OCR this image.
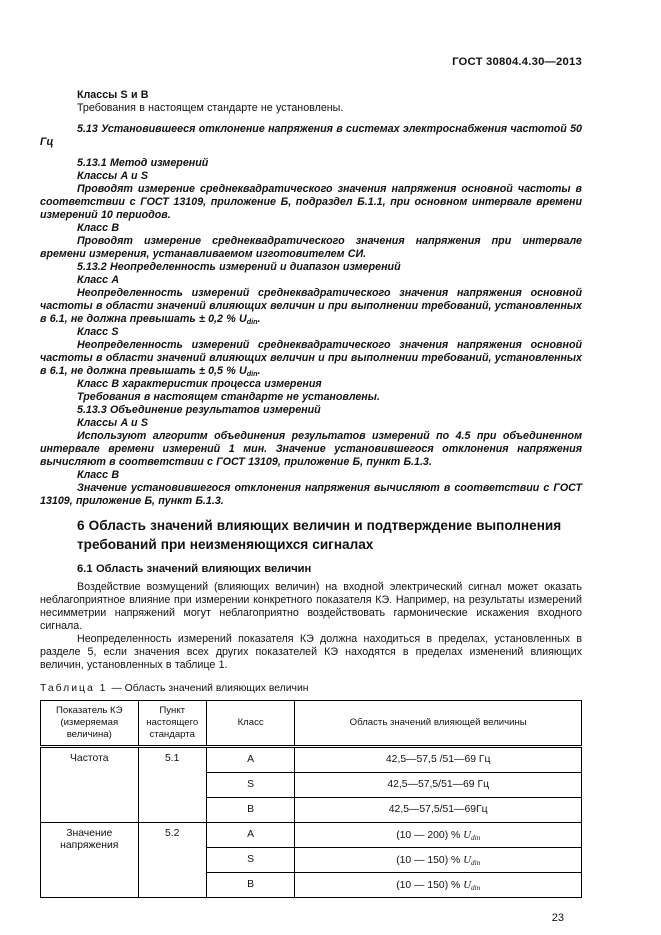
ГОСТ 30804.4.30—2013
Классы S и B
Требования в настоящем стандарте не установлены.
5.13 Установившееся отклонение напряжения в системах электроснабжения частотой 50 Гц
5.13.1 Метод измерений
Классы A и S
Проводят измерение среднеквадратического значения напряжения основной частоты в соответствии с ГОСТ 13109, приложение Б, подраздел Б.1.1, при основном интервале времени измерений 10 периодов.
Класс B
Проводят измерение среднеквадратического значения напряжения при интервале времени измерения, устанавливаемом изготовителем СИ.
5.13.2 Неопределенность измерений и диапазон измерений
Класс A
Неопределенность измерений среднеквадратического значения напряжения основной частоты в области значений влияющих величин и при выполнении требований, установленных в 6.1, не должна превышать ± 0,2 % $U_{din}$.
Класс S
Неопределенность измерений среднеквадратического значения напряжения основной частоты в области значений влияющих величин и при выполнении требований, установленных в 6.1, не должна превышать ± 0,5 % $U_{din}$.
Класс B характеристик процесса измерения
Требования в настоящем стандарте не установлены.
5.13.3 Объединение результатов измерений
Классы A и S
Используют алгоритм объединения результатов измерений по 4.5 при объединенном интервале времени измерений 1 мин. Значение установившегося отклонения напряжения вычисляют в соответствии с ГОСТ 13109, приложение Б, пункт Б.1.3.
Класс B
Значение установившегося отклонения напряжения вычисляют в соответствии с ГОСТ 13109, приложение Б, пункт Б.1.3.
6 Область значений влияющих величин и подтверждение выполнения требований при неизменяющихся сигналах
6.1 Область значений влияющих величин
Воздействие возмущений (влияющих величин) на входной электрический сигнал может оказать неблагоприятное влияние при измерении конкретного показателя КЭ. Например, на результаты измерений несимметрии напряжений могут неблагоприятно воздействовать гармонические искажения входного сигнала.
Неопределенность измерений показателя КЭ должна находиться в пределах, установленных в разделе 5, если значения всех других показателей КЭ находятся в пределах изменений влияющих величин, установленных в таблице 1.
Таблица 1 — Область значений влияющих величин
Показатель КЭ (измеряемая величина)	Пункт настоящего стандарта	Класс	Область значений влияющей величины
Частота	5.1	A	42,5—57,5 /51—69 Гц
		S	42,5—57,5/51—69 Гц
		B	42,5—57,5/51—69Гц
Значение напряжения	5.2	A	(10 — 200) % $U_{din}$
		S	(10 — 150) % $U_{din}$
		B	(10 — 150) % $U_{din}$
23
